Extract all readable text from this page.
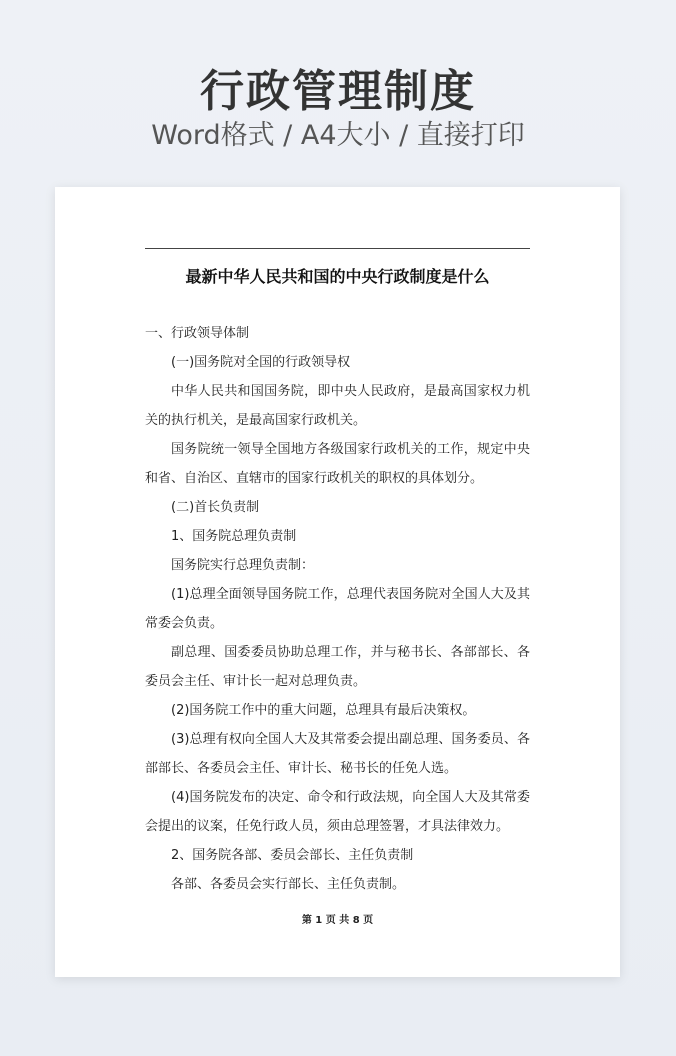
行政管理制度
Word格式 / A4大小 / 直接打印
最新中华人民共和国的中央行政制度是什么

一、行政领导体制

(一)国务院对全国的行政领导权

中华人民共和国国务院，即中央人民政府，是最高国家权力机关的执行机关，是最高国家行政机关。

国务院统一领导全国地方各级国家行政机关的工作，规定中央和省、自治区、直辖市的国家行政机关的职权的具体划分。

(二)首长负责制

1、国务院总理负责制

国务院实行总理负责制：

(1)总理全面领导国务院工作，总理代表国务院对全国人大及其常委会负责。

副总理、国委委员协助总理工作，并与秘书长、各部部长、各委员会主任、审计长一起对总理负责。

(2)国务院工作中的重大问题，总理具有最后决策权。

(3)总理有权向全国人大及其常委会提出副总理、国务委员、各部部长、各委员会主任、审计长、秘书长的任免人选。

(4)国务院发布的决定、命令和行政法规，向全国人大及其常委会提出的议案，任免行政人员，须由总理签署，才具法律效力。

2、国务院各部、委员会部长、主任负责制

各部、各委员会实行部长、主任负责制。

第 1 页 共 8 页
